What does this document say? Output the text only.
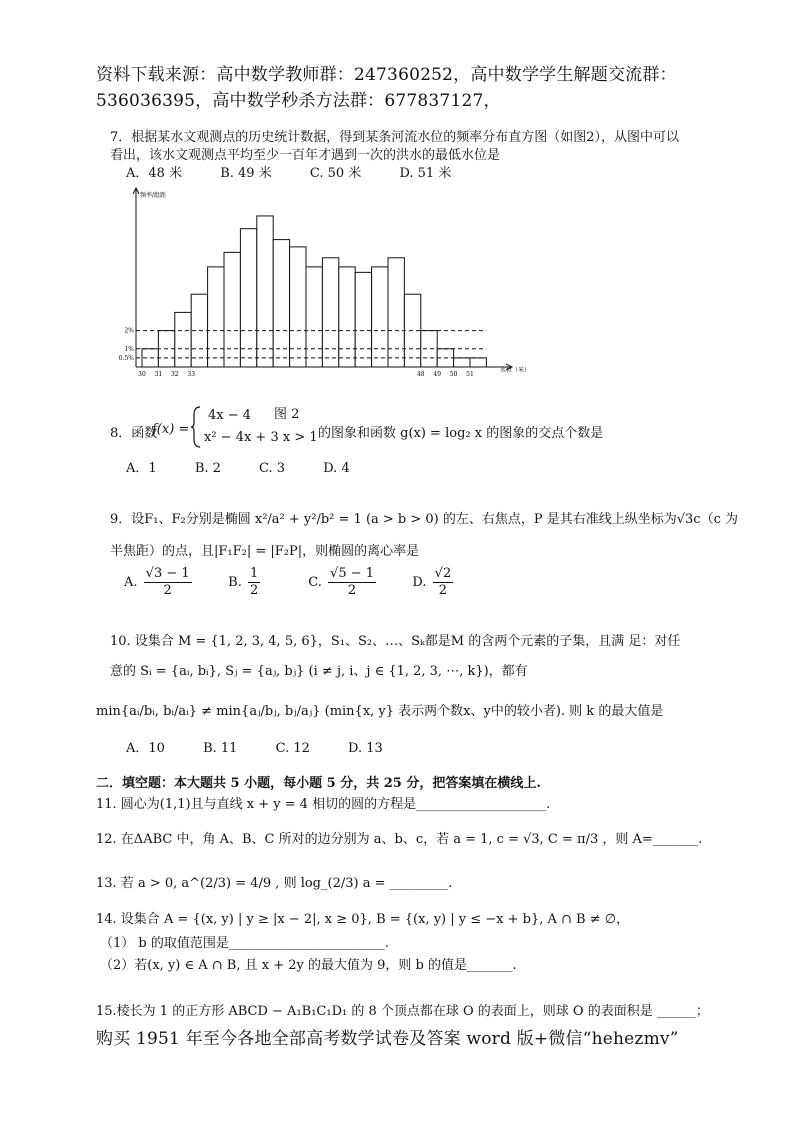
资料下载来源：高中数学教师群：247360252，高中数学学生解题交流群：
536036395，高中数学秒杀方法群：677837127，
7．根据某水文观测点的历史统计数据，得到某条河流水位的频率分布直方图（如图2），从图中可以
看出，该水文观测点平均至少一百年才遇到一次的洪水的最低水位是
A．48 米	B. 49 米	C. 50 米	D. 51 米
2%
1%
0.5%
30 31 32 33	48 49 50 51
频率/组距
水位（米）
图 2
8．函数
f(x) =
4x − 4
x² − 4x + 3 x > 1 的图象和函数 g(x) = log₂ x 的图象的交点个数是
A．1	B. 2	C. 3	D. 4
9．设F₁、F₂分别是椭圆 x²/a² + y²/b² = 1 (a > b > 0) 的左、右焦点，P 是其右准线上纵坐标为√3c（c 为
半焦距）的点，且|F₁F₂| = |F₂P|，则椭圆的离心率是
A. $\frac{√3 - 1}{2}$	B. $\frac{1}{2}$	C. $\frac{√5 - 1}{2}$	D. $\frac{√2}{2}$
10. 设集合 M = {1, 2, 3, 4, 5, 6}，S₁、S₂、…、Sₖ都是M 的含两个元素的子集，且满 足：对任
意的 Sᵢ = {aᵢ, bᵢ}, Sⱼ = {aⱼ, bⱼ} (i ≠ j, i、j ∈ {1, 2, 3, ⋯, k})，都有
min{aᵢ/bᵢ, bᵢ/aᵢ} ≠ min{aⱼ/bⱼ, bⱼ/aⱼ} (min{x, y} 表示两个数x、y中的较小者). 则 k 的最大值是
A．10	B. 11	C. 12	D. 13
二．填空题：本大题共 5 小题，每小题 5 分，共 25 分，把答案填在横线上.
11. 圆心为(1,1)且与直线 x + y = 4 相切的圆的方程是____________________.
12. 在ΔABC 中，角 A、B、C 所对的边分别为 a、b、c，若 a = 1, c = √3, C = π/3 ，则 A=_______.
13. 若 a > 0, a^(2/3) = 4/9 , 则 log_(2/3) a = _________.
14. 设集合 A = {(x, y) | y ≥ |x − 2|, x ≥ 0}, B = {(x, y) | y ≤ −x + b}, A ∩ B ≠ ∅，
（1） b 的取值范围是________________________.
（2）若(x, y) ∈ A ∩ B, 且 x + 2y 的最大值为 9，则 b 的值是_______.
15.棱长为 1 的正方形 ABCD − A₁B₁C₁D₁ 的 8 个顶点都在球 O 的表面上，则球 O 的表面积是 ______；
购买 1951 年至今各地全部高考数学试卷及答案 word 版+微信“hehezmv”
